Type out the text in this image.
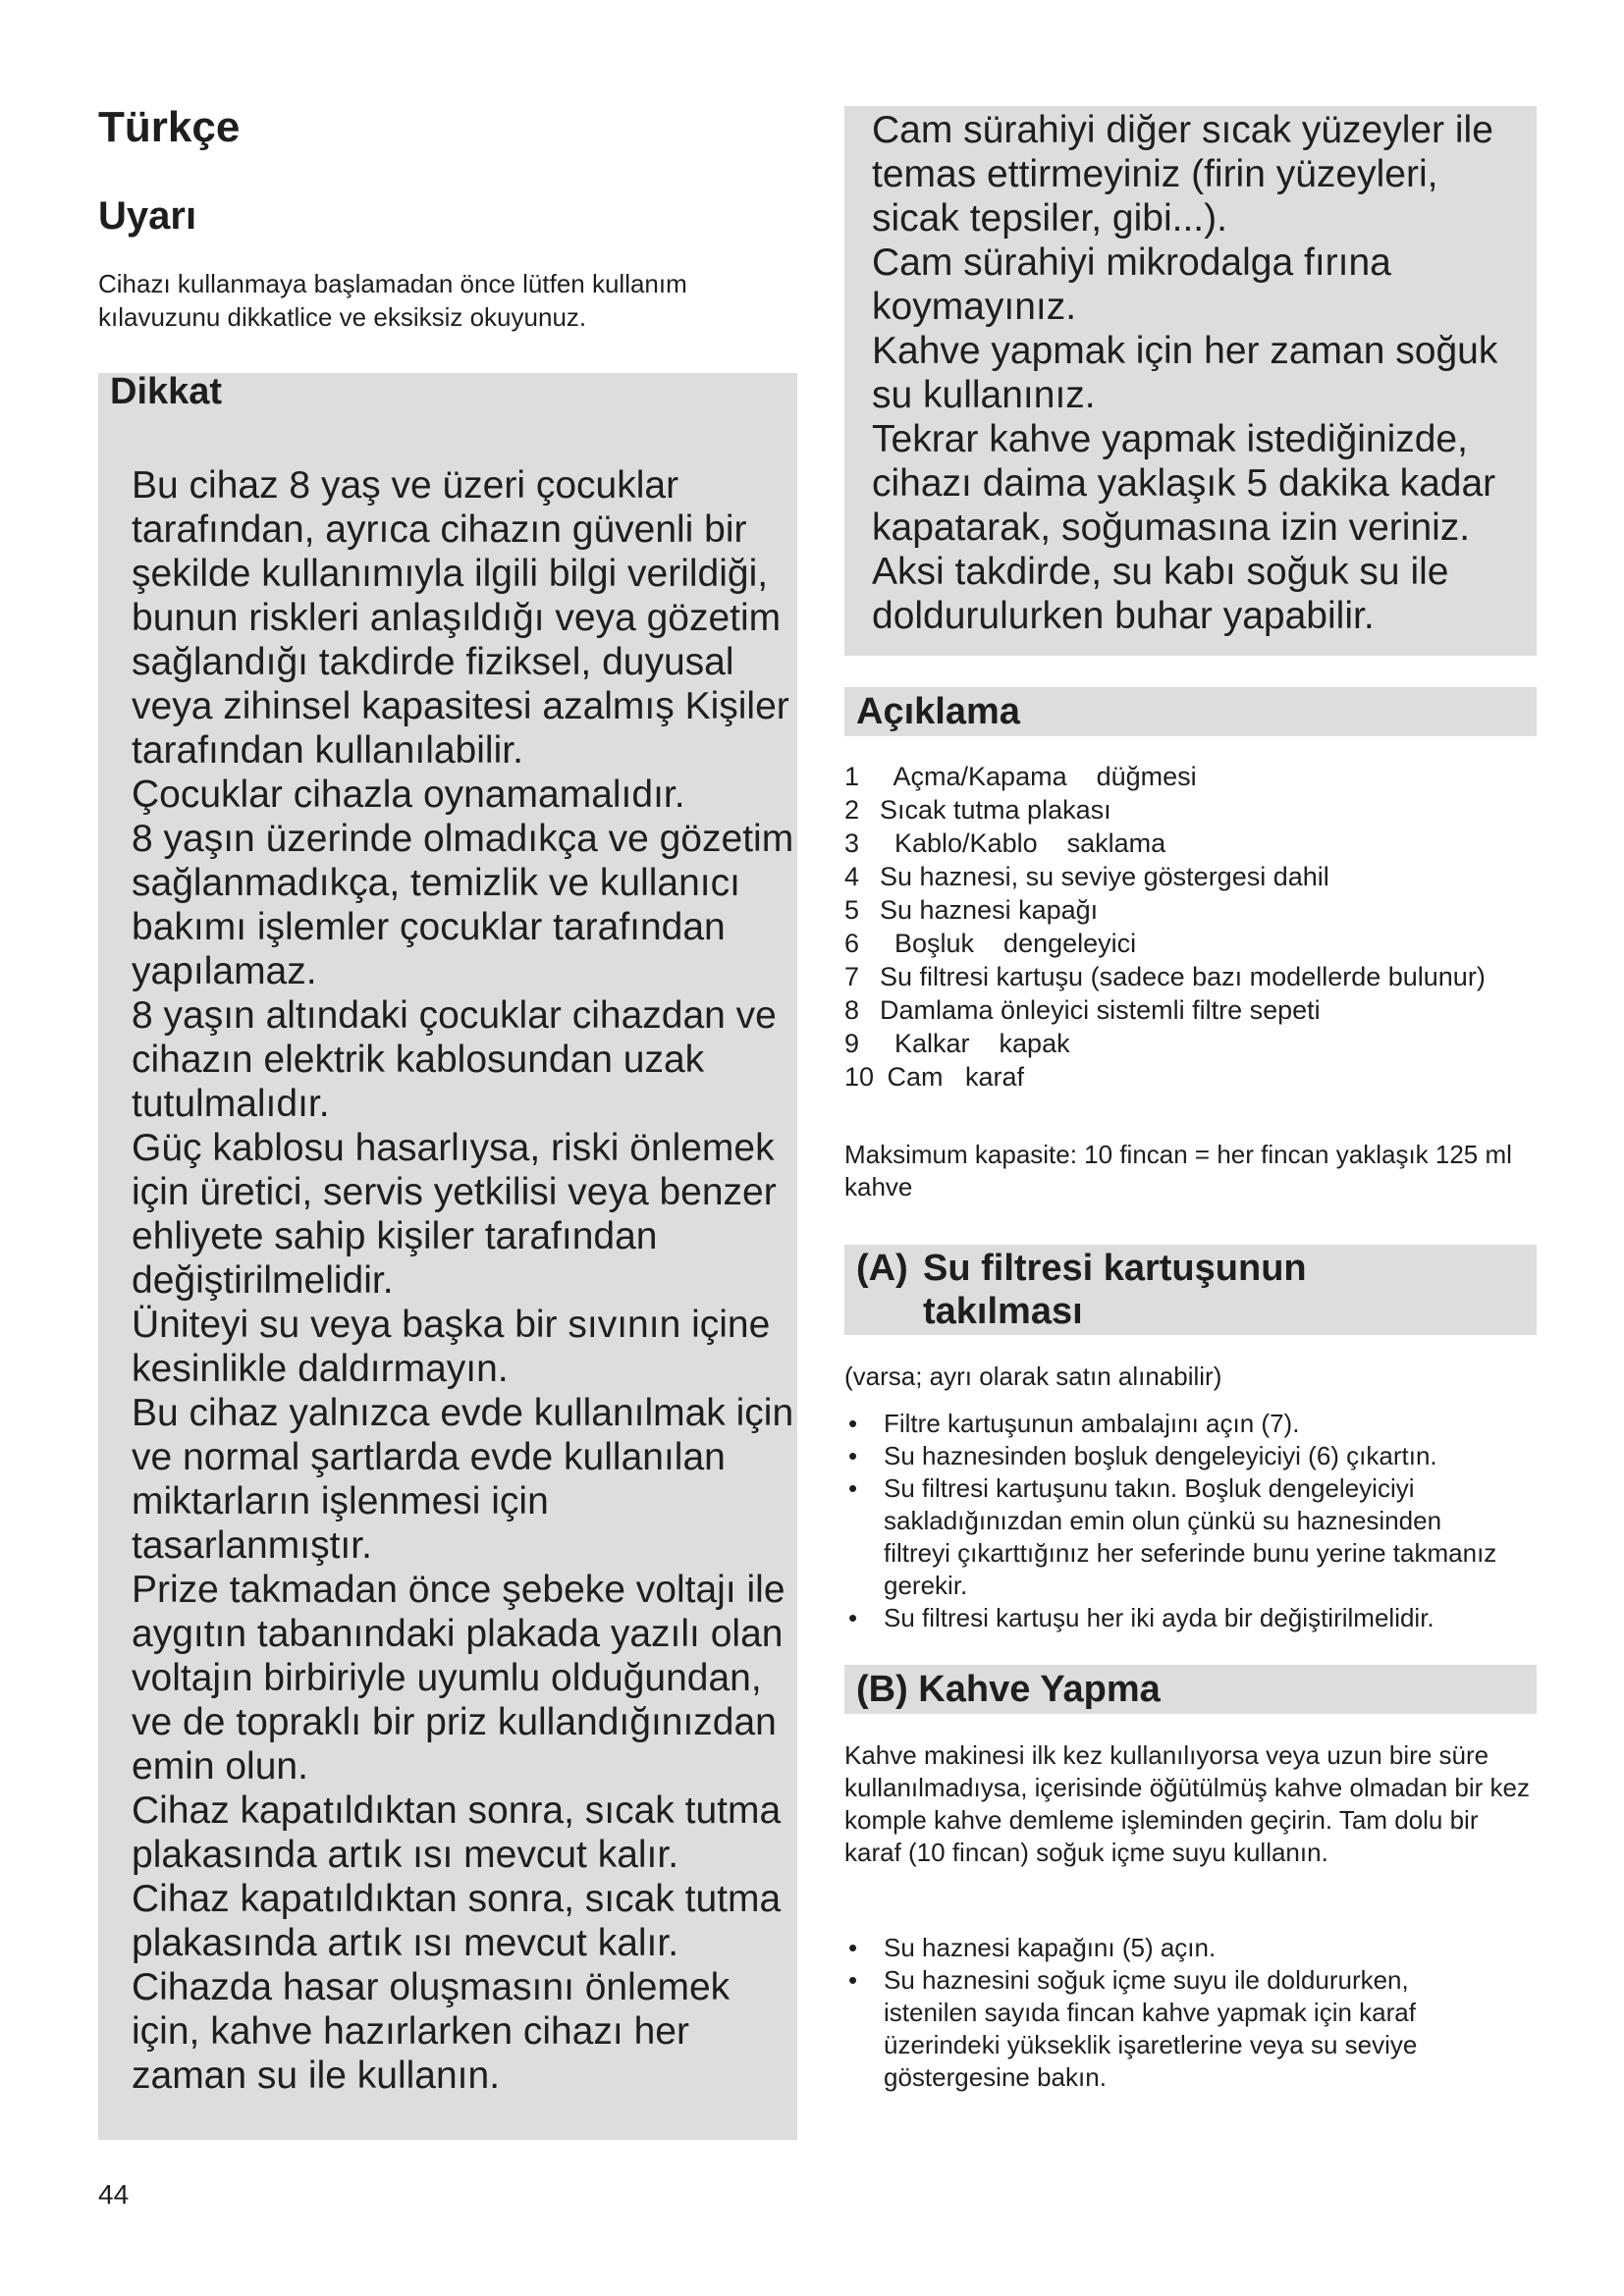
Türkçe
Uyarı

Cihazı kullanmaya başlamadan önce lütfen kullanım kılavuzunu dikkatlice ve eksiksiz okuyunuz.

Dikkat

Bu cihaz 8 yaş ve üzeri çocuklar tarafından, ayrıca cihazın güvenli bir şekilde kullanımıyla ilgili bilgi verildiği, bunun riskleri anlaşıldığı veya gözetim sağlandığı takdirde fiziksel, duyusal veya zihinsel kapasitesi azalmış Kişiler tarafından kullanılabilir.

Çocuklar cihazla oynamamalıdır.

8 yaşın üzerinde olmadıkça ve gözetim sağlanmadıkça, temizlik ve kullanıcı bakımı işlemler çocuklar tarafından yapılamaz.

8 yaşın altındaki çocuklar cihazdan ve cihazın elektrik kablosundan uzak tutulmalıdır.

Güç kablosu hasarlıysa, riski önlemek için üretici, servis yetkilisi veya benzer ehliyete sahip kişiler tarafından değiştirilmelidir.

Üniteyi su veya başka bir sıvının içine kesinlikle daldırmayın.

Bu cihaz yalnızca evde kullanılmak için ve normal şartlarda evde kullanılan miktarların işlenmesi için tasarlanmıştır.

Prize takmadan önce şebeke voltajı ile aygıtın tabanındaki plakada yazılı olan voltajın birbiriyle uyumlu olduğundan, ve de topraklı bir priz kullandığınızdan emin olun.

Cihaz kapatıldıktan sonra, sıcak tutma plakasında artık ısı mevcut kalır.

Cihaz kapatıldıktan sonra, sıcak tutma plakasında artık ısı mevcut kalır.

Cihazda hasar oluşmasını önlemek için, kahve hazırlarken cihazı her zaman su ile kullanın.

Cam sürahiyi diğer sıcak yüzeyler ile temas ettirmeyiniz (firin yüzeyleri, sicak tepsiler, gibi...).

Cam sürahiyi mikrodalga fırına koymayınız.

Kahve yapmak için her zaman soğuk su kullanınız.

Tekrar kahve yapmak istediğinizde, cihazı daima yaklaşık 5 dakika kadar kapatarak, soğumasına izin veriniz. Aksi takdirde, su kabı soğuk su ile doldurulurken buhar yapabilir.

Açıklama
1 Açma/Kapama    düğmesi
2 Sıcak tutma plakası
3 Kablo/Kablo    saklama
4 Su haznesi, su seviye göstergesi dahil
5 Su haznesi kapağı
6 Boşluk    dengeleyici
7 Su filtresi kartuşu (sadece bazı modellerde bulunur)
8 Damlama önleyici sistemli filtre sepeti
9 Kalkar    kapak
10 Cam   karaf

Maksimum kapasite: 10 fincan = her fincan yaklaşık 125 ml kahve

(A) Su filtresi kartuşunun
takılması

(varsa; ayrı olarak satın alınabilir)

• Filtre kartuşunun ambalajını açın (7).
• Su haznesinden boşluk dengeleyiciyi (6) çıkartın.
• Su filtresi kartuşunu takın. Boşluk dengeleyiciyi sakladığınızdan emin olun çünkü su haznesinden filtreyi çıkarttığınız her seferinde bunu yerine takmanız gerekir.
• Su filtresi kartuşu her iki ayda bir değiştirilmelidir.
(B) Kahve Yapma

Kahve makinesi ilk kez kullanılıyorsa veya uzun bire süre kullanılmadıysa, içerisinde öğütülmüş kahve olmadan bir kez komple kahve demleme işleminden geçirin. Tam dolu bir karaf (10 fincan) soğuk içme suyu kullanın.

• Su haznesi kapağını (5) açın.
• Su haznesini soğuk içme suyu ile doldururken, istenilen sayıda fincan kahve yapmak için karaf üzerindeki yükseklik işaretlerine veya su seviye göstergesine bakın.
44
